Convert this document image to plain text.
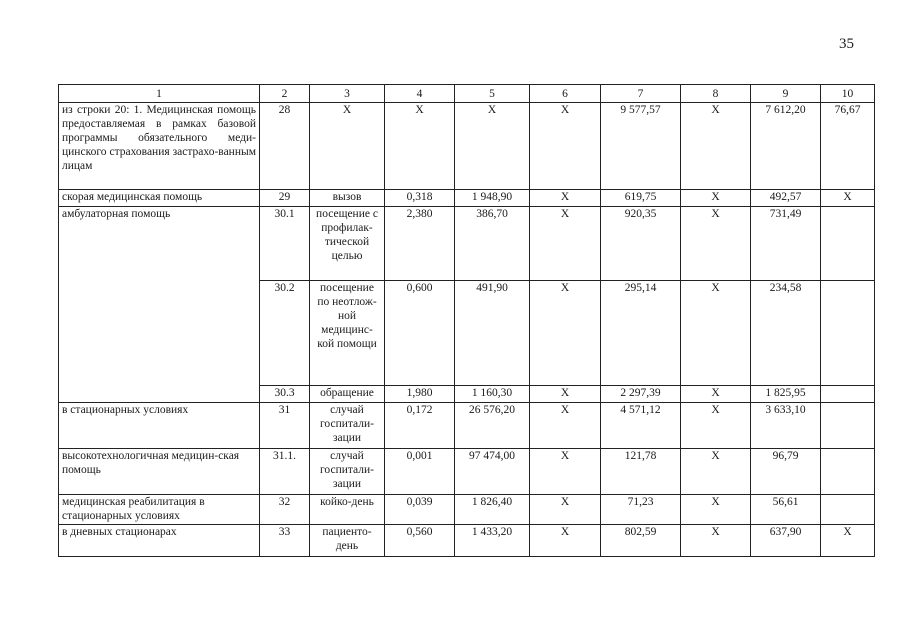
35
1	2	3	4	5	6	7	8	9	10
из строки 20: 1. Медицинская помощь предоставляемая в рамках базовой программы обязательного меди-цинского страхования застрахо-ванным лицам	28	Х	Х	Х	Х	9 577,57	Х	7 612,20	76,67
скорая медицинская помощь	29	вызов	0,318	1 948,90	Х	619,75	Х	492,57	Х
амбулаторная помощь	30.1	посещение с профилак-тической целью	2,380	386,70	Х	920,35	Х	731,49	
	30.2	посещение по неотлож-ной медицинс-кой помощи	0,600	491,90	Х	295,14	Х	234,58	
	30.3	обращение	1,980	1 160,30	Х	2 297,39	Х	1 825,95	
в стационарных условиях	31	случай госпитали-зации	0,172	26 576,20	Х	4 571,12	Х	3 633,10	
высокотехнологичная медицин-ская помощь	31.1.	случай госпитали-зации	0,001	97 474,00	Х	121,78	Х	96,79	
медицинская реабилитация в стационарных условиях	32	койко-день	0,039	1 826,40	Х	71,23	Х	56,61	
в дневных стационарах	33	пациенто-день	0,560	1 433,20	Х	802,59	Х	637,90	Х
